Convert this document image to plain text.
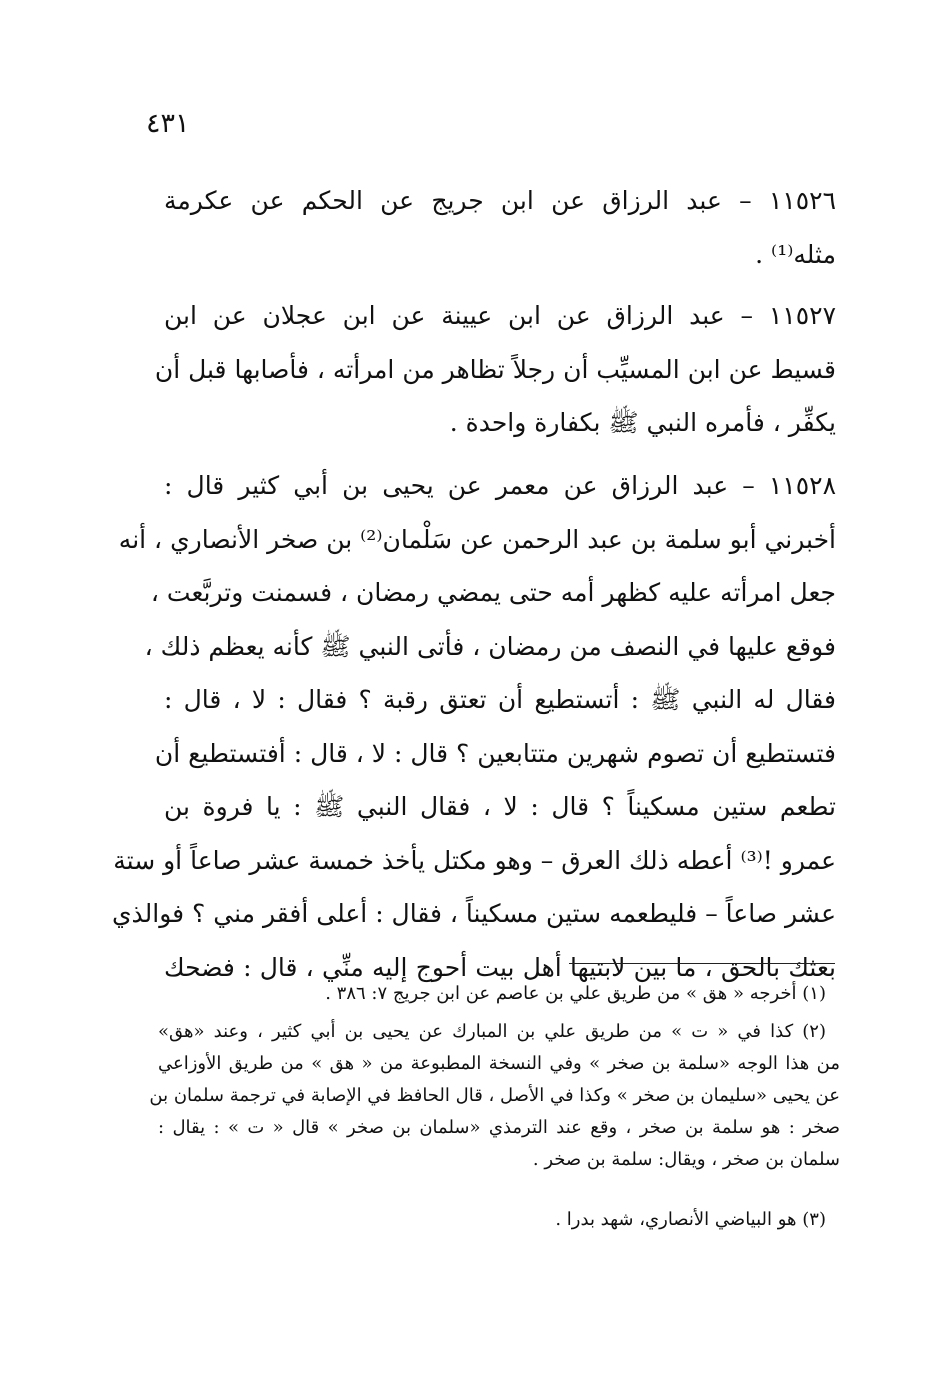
٤٣١

١١٥٢٦ – عبد الرزاق عن ابن جريج عن الحكم عن عكرمة

مثله⁽¹⁾ .

١١٥٢٧ – عبد الرزاق عن ابن عيينة عن ابن عجلان عن ابن

قسيط عن ابن المسيِّب أن رجلاً تظاهر من امرأته ، فأصابها قبل أن

يكفِّر ، فأمره النبي ﷺ بكفارة واحدة .

١١٥٢٨ – عبد الرزاق عن معمر عن يحيى بن أبي كثير قال :

أخبرني أبو سلمة بن عبد الرحمن عن سَلْمان⁽²⁾ بن صخر الأنصاري ، أنه

جعل امرأته عليه كظهر أمه حتى يمضي رمضان ، فسمنت وتربَّعت ،

فوقع عليها في النصف من رمضان ، فأتى النبي ﷺ كأنه يعظم ذلك ،

فقال له النبي ﷺ : أتستطيع أن تعتق رقبة ؟ فقال : لا ، قال :

فتستطيع أن تصوم شهرين متتابعين ؟ قال : لا ، قال : أفتستطيع أن

تطعم ستين مسكيناً ؟ قال : لا ، فقال النبي ﷺ : يا فروة بن

عمرو !⁽³⁾ أعطه ذلك العرق – وهو مكتل يأخذ خمسة عشر صاعاً أو ستة

عشر صاعاً – فليطعمه ستين مسكيناً ، فقال : أعلى أفقر مني ؟ فوالذي

بعثك بالحق ، ما بين لابتيها أهل بيت أحوج إليه منِّي ، قال : فضحك

(١) أخرجه « هق » من طريق علي بن عاصم عن ابن جريج ٧: ٣٨٦ .

(٢) كذا في « ت » من طريق علي بن المبارك عن يحيى بن أبي كثير ، وعند «هق»

من هذا الوجه «سلمة بن صخر » وفي النسخة المطبوعة من « هق » من طريق الأوزاعي

عن يحيى «سليمان بن صخر » وكذا في الأصل ، قال الحافظ في الإصابة في ترجمة سلمان بن

صخر : هو سلمة بن صخر ، وقع عند الترمذي «سلمان بن صخر » قال « ت » : يقال :

سلمان بن صخر ، ويقال: سلمة بن صخر .

(٣) هو البياضي الأنصاري، شهد بدرا .
